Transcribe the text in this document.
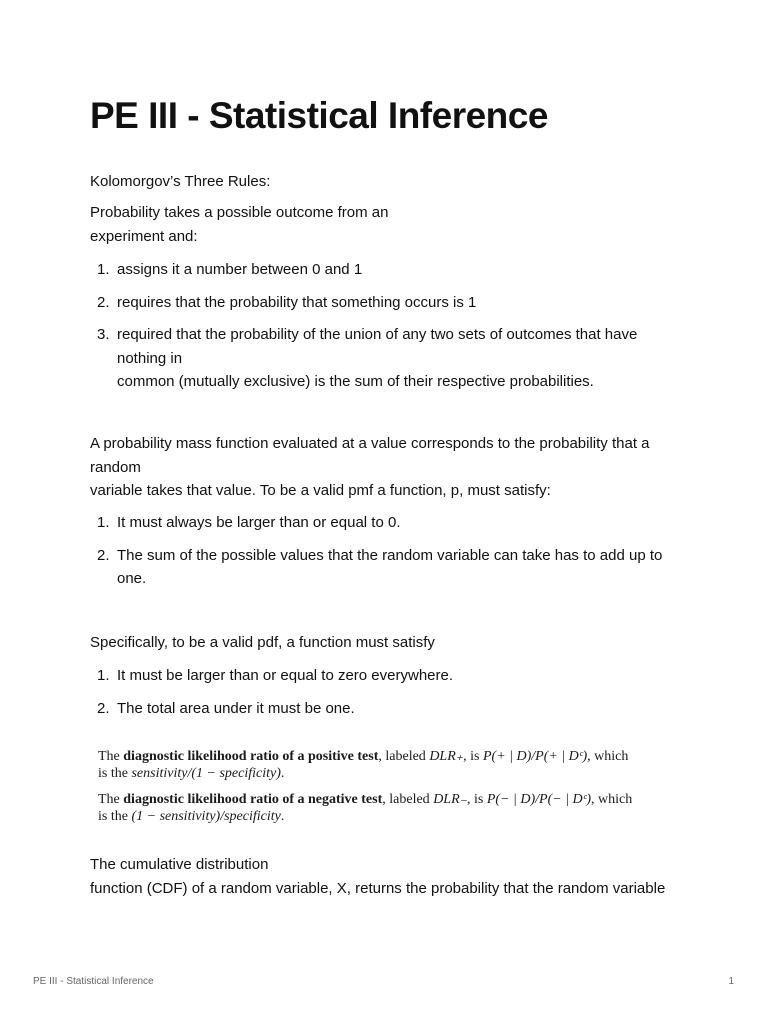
PE III - Statistical Inference

Kolomorgov’s Three Rules:

Probability takes a possible outcome from an
experiment and:

1. assigns it a number between 0 and 1
2. requires that the probability that something occurs is 1
3. required that the probability of the union of any two sets of outcomes that have
nothing in
common (mutually exclusive) is the sum of their respective probabilities.

A probability mass function evaluated at a value corresponds to the probability that a
random
variable takes that value. To be a valid pmf a function, p, must satisfy:

1. It must always be larger than or equal to 0.
2. The sum of the possible values that the random variable can take has to add up to
one.

Specifically, to be a valid pdf, a function must satisfy

1. It must be larger than or equal to zero everywhere.
2. The total area under it must be one.
The diagnostic likelihood ratio of a positive test, labeled DLR₊, is P(+ | D)/P(+ | Dᶜ), which
is the sensitivity/(1 − specificity).
The diagnostic likelihood ratio of a negative test, labeled DLR₋, is P(− | D)/P(− | Dᶜ), which
is the (1 − sensitivity)/specificity.

The cumulative distribution
function (CDF) of a random variable, X, returns the probability that the random variable

PE III - Statistical Inference	1
